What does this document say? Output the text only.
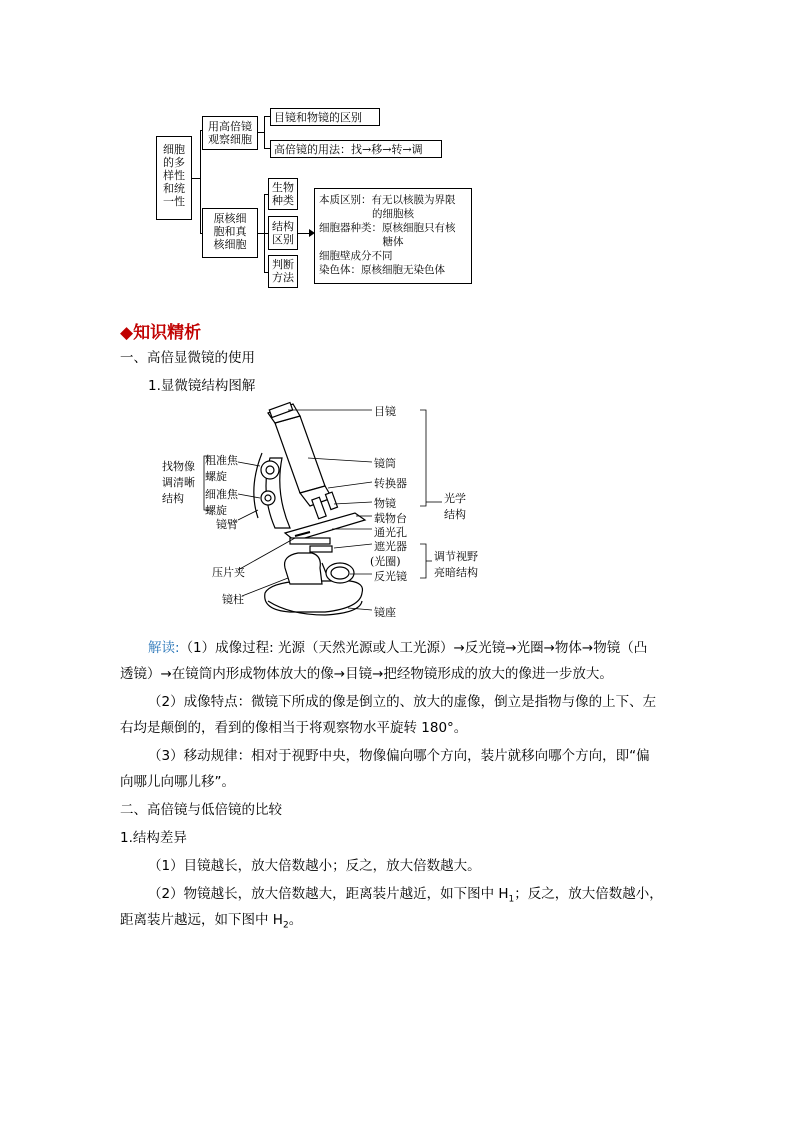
细胞
的多
样性
和统
一性
用高倍镜
观察细胞
目镜和物镜的区别
高倍镜的用法：找→移→转→调
原核细
胞和真
核细胞
生物
种类
结构
区别
判断
方法
本质区别：有无以核膜为界限
的细胞核
细胞器种类：原核细胞只有核
糖体
细胞壁成分不同
染色体：原核细胞无染色体
◆知识精析
一、高倍显微镜的使用
1.显微镜结构图解
目镜
镜筒
转换器
物镜
载物台
通光孔
遮光器
(光圈)
反光镜
镜座
粗准焦
螺旋
细准焦
螺旋
镜臂
压片夹
镜柱
找物像
调清晰
结构	光学
结构
调节视野
亮暗结构
解读:（1）成像过程: 光源（天然光源或人工光源）→反光镜→光圈→物体→物镜（凸
透镜）→在镜筒内形成物体放大的像→目镜→把经物镜形成的放大的像进一步放大。
（2）成像特点：微镜下所成的像是倒立的、放大的虚像，倒立是指物与像的上下、左
右均是颠倒的，看到的像相当于将观察物水平旋转 180°。
（3）移动规律：相对于视野中央，物像偏向哪个方向，装片就移向哪个方向，即“偏
向哪儿向哪儿移”。
二、高倍镜与低倍镜的比较
1.结构差异
（1）目镜越长，放大倍数越小；反之，放大倍数越大。
（2）物镜越长，放大倍数越大，距离装片越近，如下图中 $H_1$；反之，放大倍数越小，
距离装片越远，如下图中 $H_2$。
